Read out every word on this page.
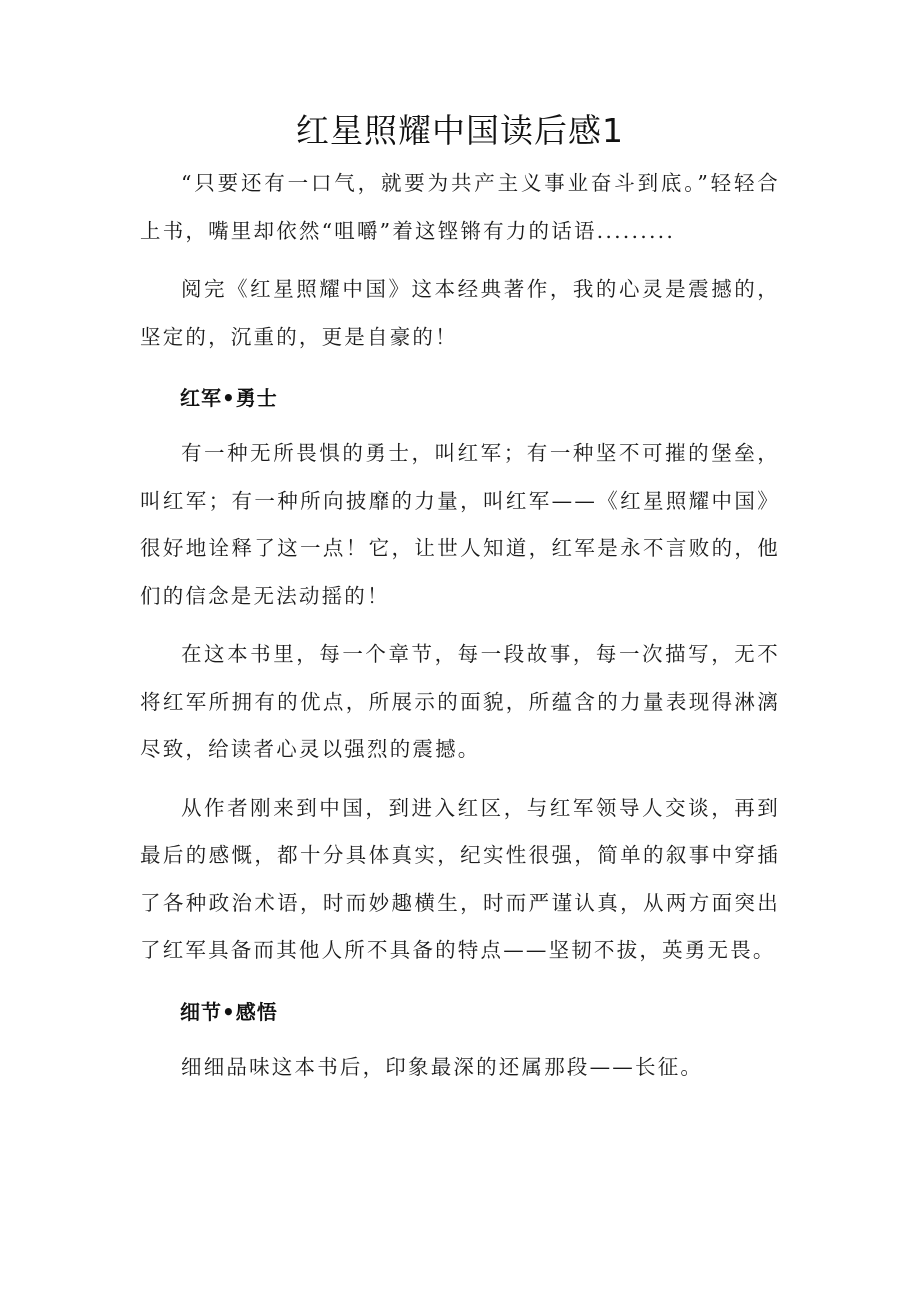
红星照耀中国读后感1

“只要还有一口气，就要为共产主义事业奋斗到底。”轻轻合上书，嘴里却依然“咀嚼”着这铿锵有力的话语.........

阅完《红星照耀中国》这本经典著作，我的心灵是震撼的，坚定的，沉重的，更是自豪的！

红军•勇士

有一种无所畏惧的勇士，叫红军；有一种坚不可摧的堡垒，叫红军；有一种所向披靡的力量，叫红军——《红星照耀中国》很好地诠释了这一点！它，让世人知道，红军是永不言败的，他们的信念是无法动摇的！

在这本书里，每一个章节，每一段故事，每一次描写，无不将红军所拥有的优点，所展示的面貌，所蕴含的力量表现得淋漓尽致，给读者心灵以强烈的震撼。

从作者刚来到中国，到进入红区，与红军领导人交谈，再到最后的感慨，都十分具体真实，纪实性很强，简单的叙事中穿插了各种政治术语，时而妙趣横生，时而严谨认真，从两方面突出了红军具备而其他人所不具备的特点——坚韧不拔，英勇无畏。

细节•感悟

细细品味这本书后，印象最深的还属那段——长征。
